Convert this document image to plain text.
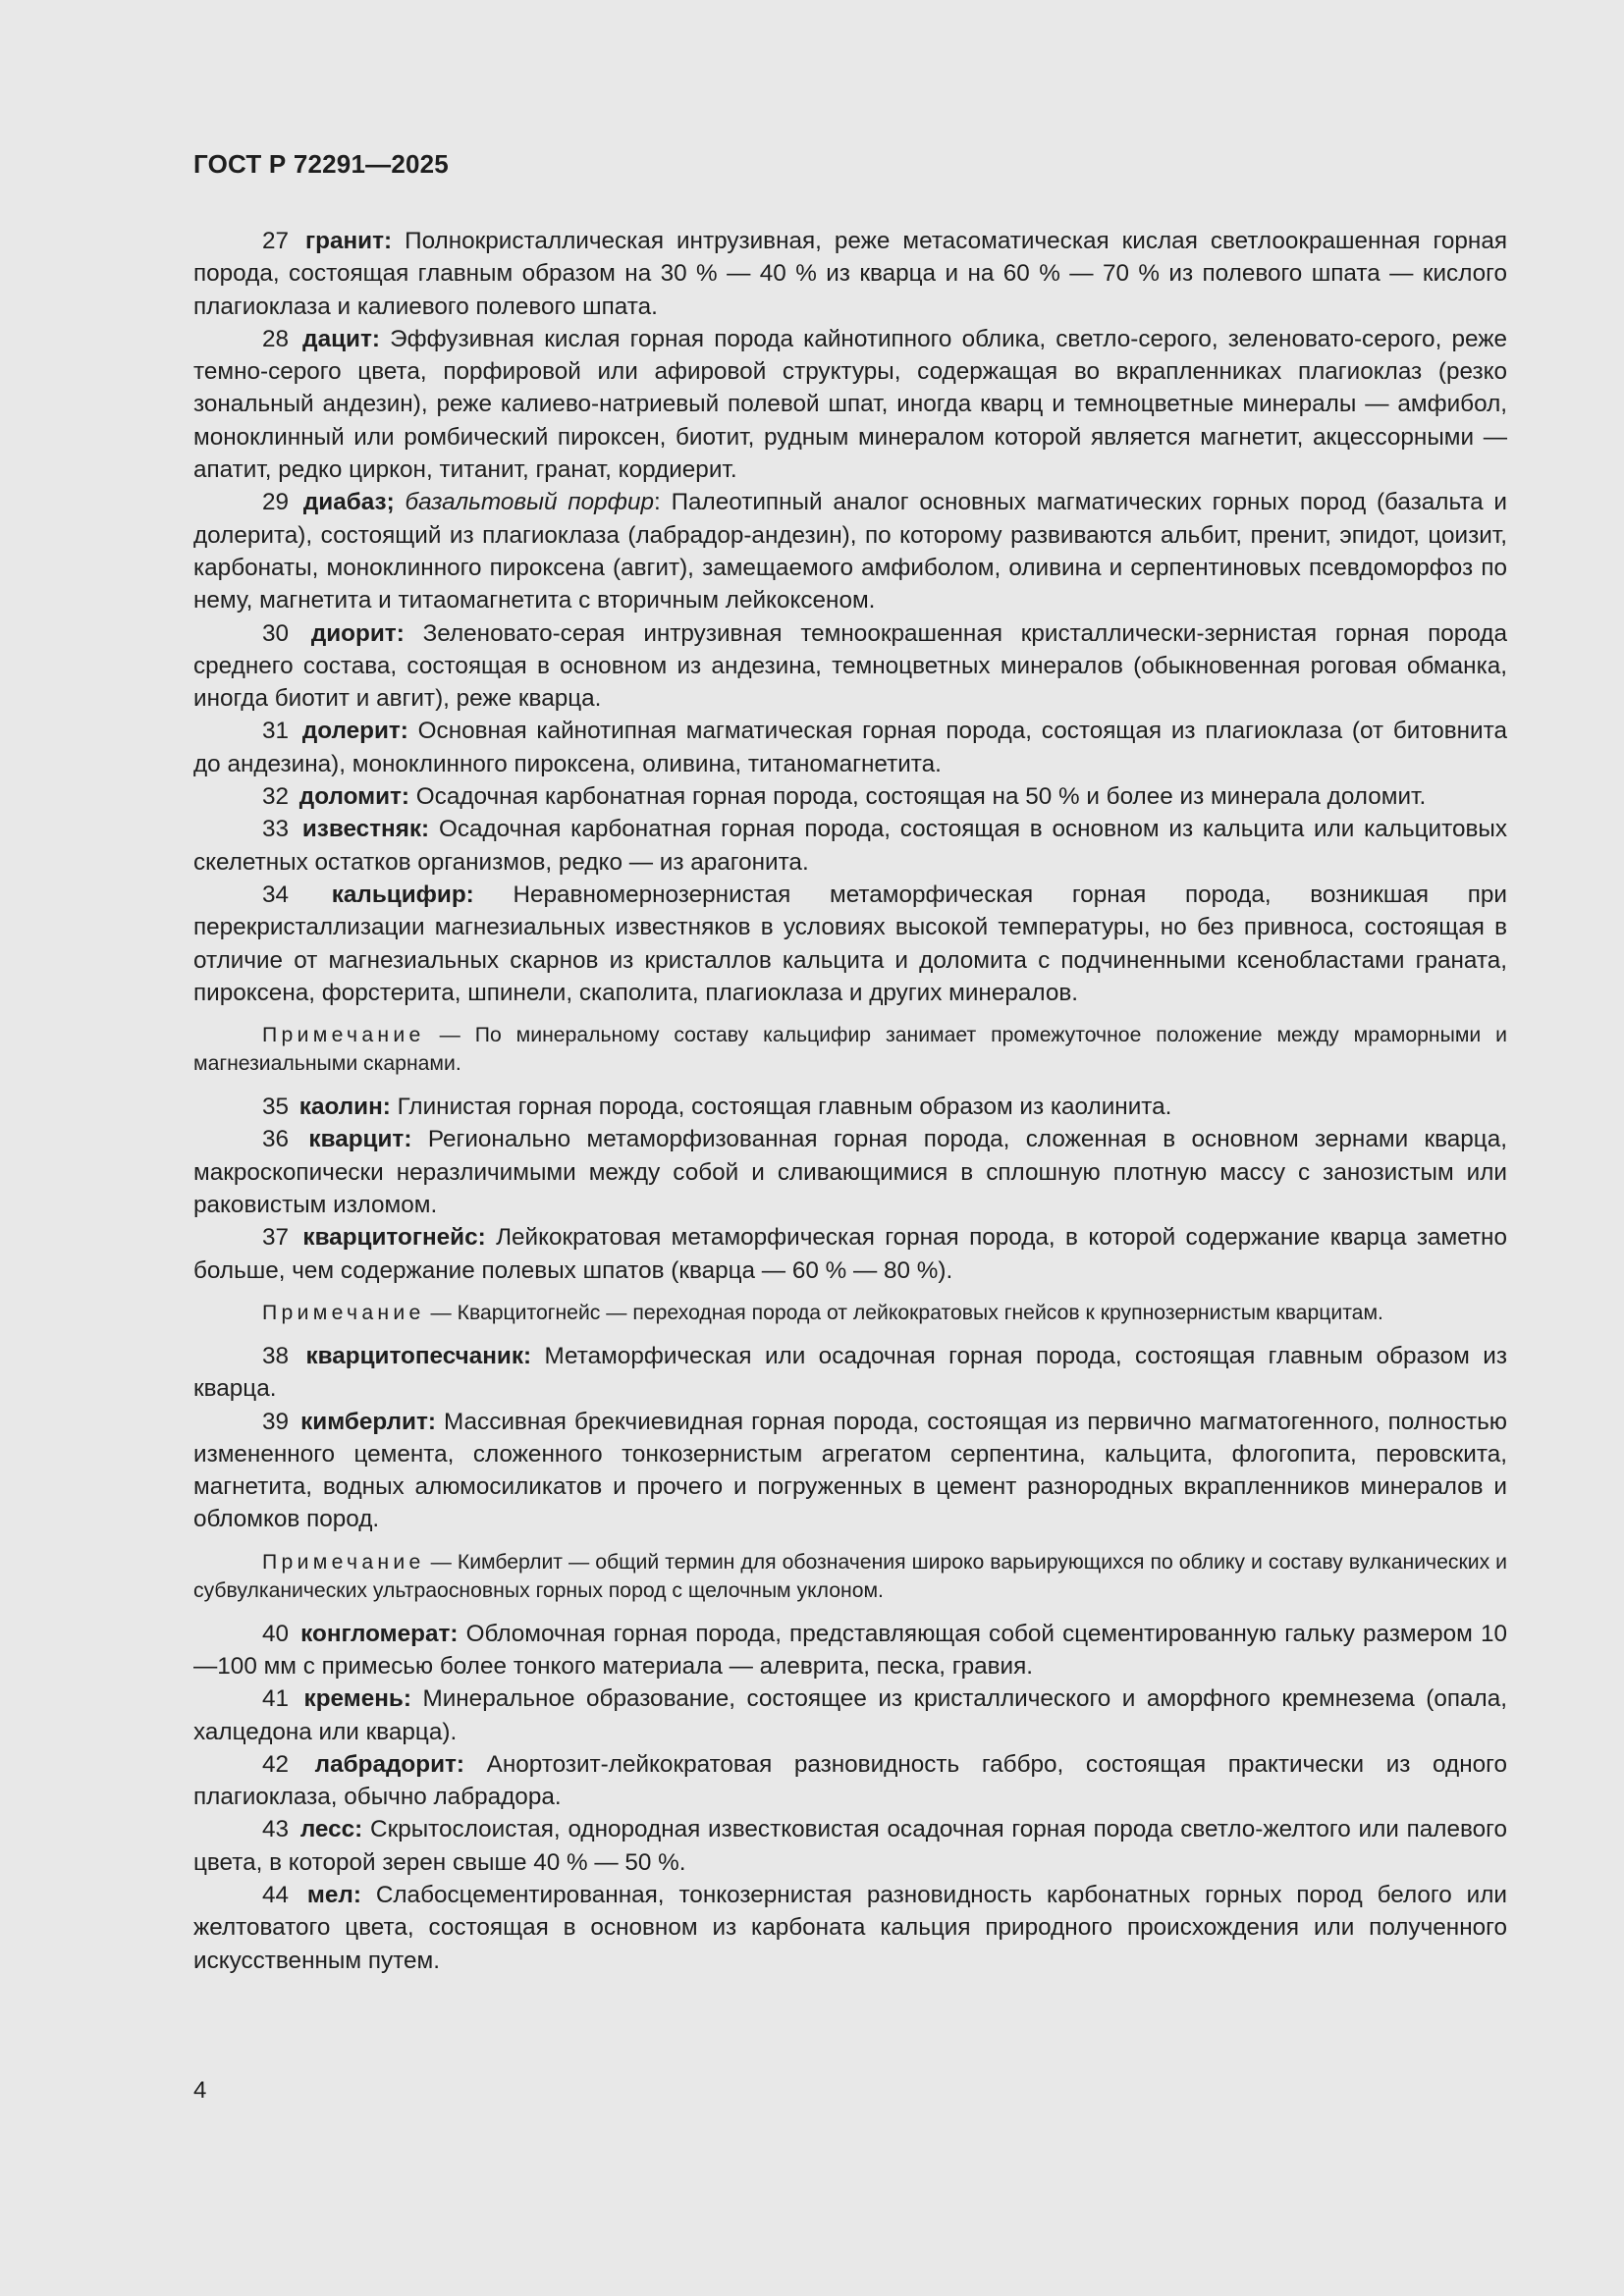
ГОСТ Р 72291—2025

27 гранит: Полнокристаллическая интрузивная, реже метасоматическая кислая светлоокрашенная горная порода, состоящая главным образом на 30 % — 40 % из кварца и на 60 % — 70 % из полевого шпата — кислого плагиоклаза и калиевого полевого шпата.

28 дацит: Эффузивная кислая горная порода кайнотипного облика, светло-серого, зеленовато-серого, реже темно-серого цвета, порфировой или афировой структуры, содержащая во вкрапленниках плагиоклаз (резко зональный андезин), реже калиево-натриевый полевой шпат, иногда кварц и темноцветные минералы — амфибол, моноклинный или ромбический пироксен, биотит, рудным минералом которой является магнетит, акцессорными — апатит, редко циркон, титанит, гранат, кордиерит.

29 диабаз; базальтовый порфир: Палеотипный аналог основных магматических горных пород (базальта и долерита), состоящий из плагиоклаза (лабрадор-андезин), по которому развиваются альбит, пренит, эпидот, цоизит, карбонаты, моноклинного пироксена (авгит), замещаемого амфиболом, оливина и серпентиновых псевдоморфоз по нему, магнетита и титаомагнетита с вторичным лейкоксеном.

30 диорит: Зеленовато-серая интрузивная темноокрашенная кристаллически-зернистая горная порода среднего состава, состоящая в основном из андезина, темноцветных минералов (обыкновенная роговая обманка, иногда биотит и авгит), реже кварца.

31 долерит: Основная кайнотипная магматическая горная порода, состоящая из плагиоклаза (от битовнита до андезина), моноклинного пироксена, оливина, титаномагнетита.

32 доломит: Осадочная карбонатная горная порода, состоящая на 50 % и более из минерала доломит.

33 известняк: Осадочная карбонатная горная порода, состоящая в основном из кальцита или кальцитовых скелетных остатков организмов, редко — из арагонита.

34 кальцифир: Неравномернозернистая метаморфическая горная порода, возникшая при перекристаллизации магнезиальных известняков в условиях высокой температуры, но без привноса, состоящая в отличие от магнезиальных скарнов из кристаллов кальцита и доломита с подчиненными ксенобластами граната, пироксена, форстерита, шпинели, скаполита, плагиоклаза и других минералов.

Примечание — По минеральному составу кальцифир занимает промежуточное положение между мраморными и магнезиальными скарнами.

35 каолин: Глинистая горная порода, состоящая главным образом из каолинита.

36 кварцит: Регионально метаморфизованная горная порода, сложенная в основном зернами кварца, макроскопически неразличимыми между собой и сливающимися в сплошную плотную массу с занозистым или раковистым изломом.

37 кварцитогнейс: Лейкократовая метаморфическая горная порода, в которой содержание кварца заметно больше, чем содержание полевых шпатов (кварца — 60 % — 80 %).

Примечание — Кварцитогнейс — переходная порода от лейкократовых гнейсов к крупнозернистым кварцитам.

38 кварцитопесчаник: Метаморфическая или осадочная горная порода, состоящая главным образом из кварца.

39 кимберлит: Массивная брекчиевидная горная порода, состоящая из первично магматогенного, полностью измененного цемента, сложенного тонкозернистым агрегатом серпентина, кальцита, флогопита, перовскита, магнетита, водных алюмосиликатов и прочего и погруженных в цемент разнородных вкрапленников минералов и обломков пород.

Примечание — Кимберлит — общий термин для обозначения широко варьирующихся по облику и составу вулканических и субвулканических ультраосновных горных пород с щелочным уклоном.

40 конгломерат: Обломочная горная порода, представляющая собой сцементированную гальку размером 10—100 мм с примесью более тонкого материала — алеврита, песка, гравия.

41 кремень: Минеральное образование, состоящее из кристаллического и аморфного кремнезема (опала, халцедона или кварца).

42 лабрадорит: Анортозит-лейкократовая разновидность габбро, состоящая практически из одного плагиоклаза, обычно лабрадора.

43 лесс: Скрытослоистая, однородная известковистая осадочная горная порода светло-желтого или палевого цвета, в которой зерен свыше 40 % — 50 %.

44 мел: Слабосцементированная, тонкозернистая разновидность карбонатных горных пород белого или желтоватого цвета, состоящая в основном из карбоната кальция природного происхождения или полученного искусственным путем.

4
